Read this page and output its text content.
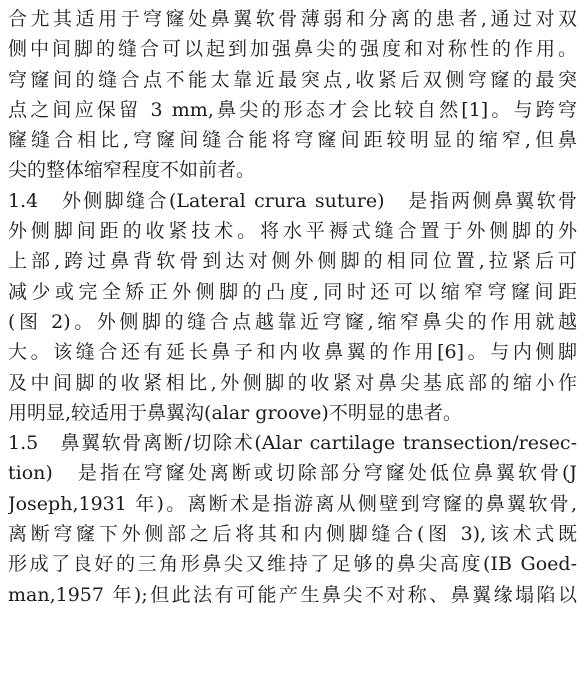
合尤其适用于穹窿处鼻翼软骨薄弱和分离的患者,通过对双
侧中间脚的缝合可以起到加强鼻尖的强度和对称性的作用。
穹窿间的缝合点不能太靠近最突点,收紧后双侧穹窿的最突
点之间应保留 3 mm,鼻尖的形态才会比较自然[1]。与跨穹
窿缝合相比,穹窿间缝合能将穹窿间距较明显的缩窄,但鼻
尖的整体缩窄程度不如前者。
1.4　外侧脚缝合(Lateral crura suture)　是指两侧鼻翼软骨
外侧脚间距的收紧技术。将水平褥式缝合置于外侧脚的外
上部,跨过鼻背软骨到达对侧外侧脚的相同位置,拉紧后可
减少或完全矫正外侧脚的凸度,同时还可以缩窄穹窿间距
(图 2)。外侧脚的缝合点越靠近穹窿,缩窄鼻尖的作用就越
大。该缝合还有延长鼻子和内收鼻翼的作用[6]。与内侧脚
及中间脚的收紧相比,外侧脚的收紧对鼻尖基底部的缩小作
用明显,较适用于鼻翼沟(alar groove)不明显的患者。
1.5　鼻翼软骨离断/切除术(Alar cartilage transection/resec-
tion)　是指在穹窿处离断或切除部分穹窿处低位鼻翼软骨(J
Joseph,1931 年)。离断术是指游离从侧壁到穹窿的鼻翼软骨,
离断穹窿下外侧部之后将其和内侧脚缝合(图 3),该术式既
形成了良好的三角形鼻尖又维持了足够的鼻尖高度(IB Goed-
man,1957 年);但此法有可能产生鼻尖不对称、鼻翼缘塌陷以
